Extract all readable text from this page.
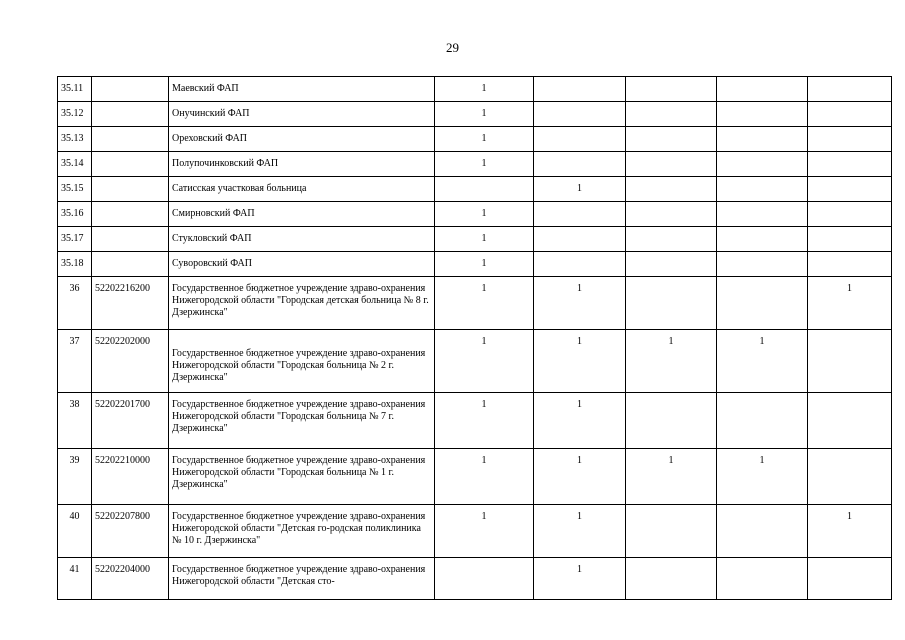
29
35.11		Маевский ФАП	1				
35.12		Онучинский ФАП	1				
35.13		Ореховский ФАП	1				
35.14		Полупочинковский ФАП	1				
35.15		Сатисская участковая больница		1			
35.16		Смирновский ФАП	1				
35.17		Стукловский ФАП	1				
35.18		Суворовский ФАП	1				
36	52202216200	Государственное бюджетное учреждение здраво-охранения Нижегородской области "Городская детская больница № 8 г. Дзержинска"	1	1			1
37	52202202000	Государственное бюджетное учреждение здраво-охранения Нижегородской области "Городская больница № 2 г. Дзержинска"	1	1	1	1	
38	52202201700	Государственное бюджетное учреждение здраво-охранения Нижегородской области "Городская больница № 7 г. Дзержинска"	1	1			
39	52202210000	Государственное бюджетное учреждение здраво-охранения Нижегородской области "Городская больница № 1 г. Дзержинска"	1	1	1	1	
40	52202207800	Государственное бюджетное учреждение здраво-охранения Нижегородской области "Детская го-родская поликлиника № 10 г. Дзержинска"	1	1			1
41	52202204000	Государственное бюджетное учреждение здраво-охранения Нижегородской области "Детская сто-		1			
